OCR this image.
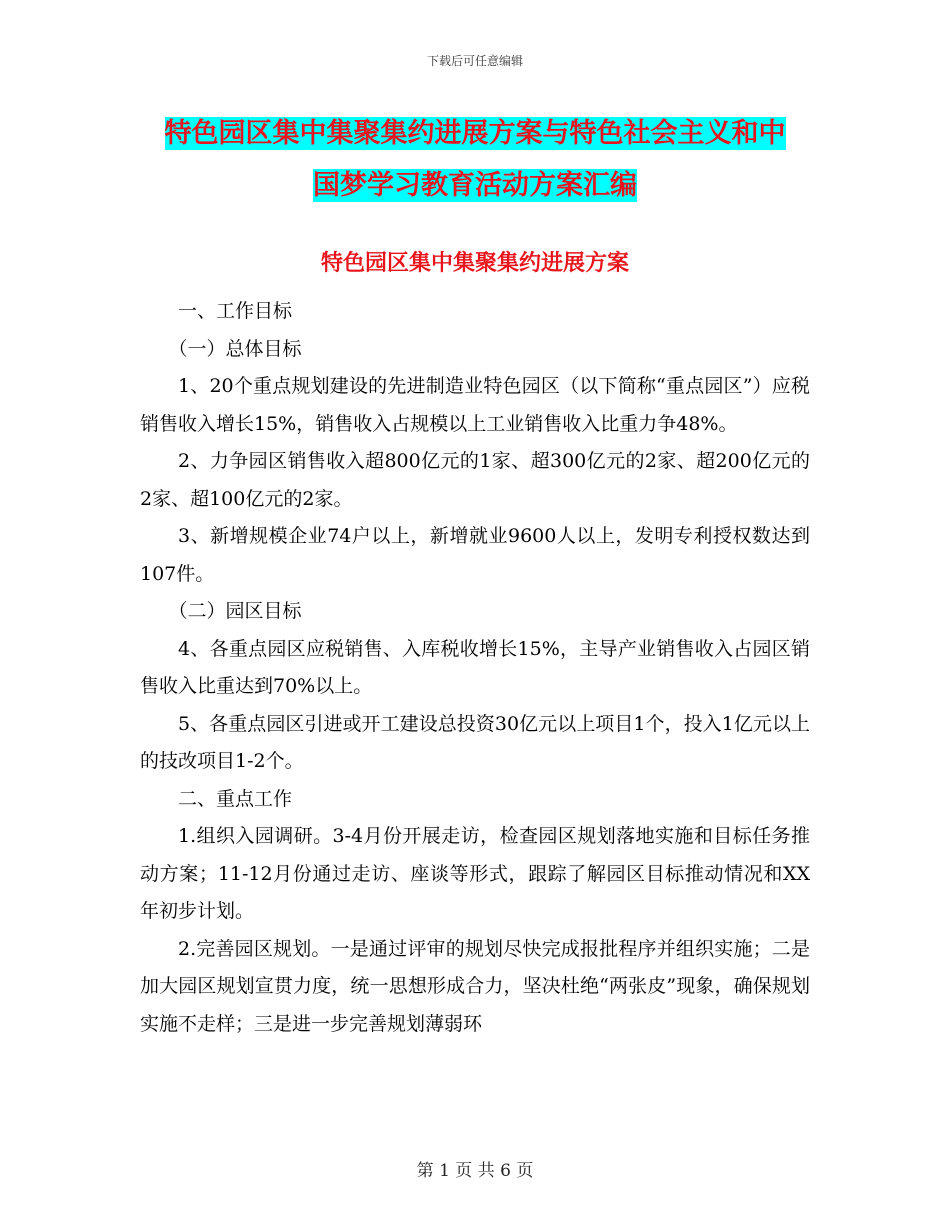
下载后可任意编辑
特色园区集中集聚集约进展方案与特色社会主义和中
国梦学习教育活动方案汇编
特色园区集中集聚集约进展方案

一、工作目标

（一）总体目标

1、20个重点规划建设的先进制造业特色园区（以下简称“重点园区”）应税销售收入增长15%，销售收入占规模以上工业销售收入比重力争48%。

2、力争园区销售收入超800亿元的1家、超300亿元的2家、超200亿元的2家、超100亿元的2家。

3、新增规模企业74户以上，新增就业9600人以上，发明专利授权数达到107件。

（二）园区目标

4、各重点园区应税销售、入库税收增长15%，主导产业销售收入占园区销售收入比重达到70%以上。

5、各重点园区引进或开工建设总投资30亿元以上项目1个，投入1亿元以上的技改项目1-2个。

二、重点工作

1.组织入园调研。3-4月份开展走访，检查园区规划落地实施和目标任务推动方案；11-12月份通过走访、座谈等形式，跟踪了解园区目标推动情况和XX年初步计划。

2.完善园区规划。一是通过评审的规划尽快完成报批程序并组织实施；二是加大园区规划宣贯力度，统一思想形成合力，坚决杜绝“两张皮”现象，确保规划实施不走样；三是进一步完善规划薄弱环

第 1 页 共 6 页
